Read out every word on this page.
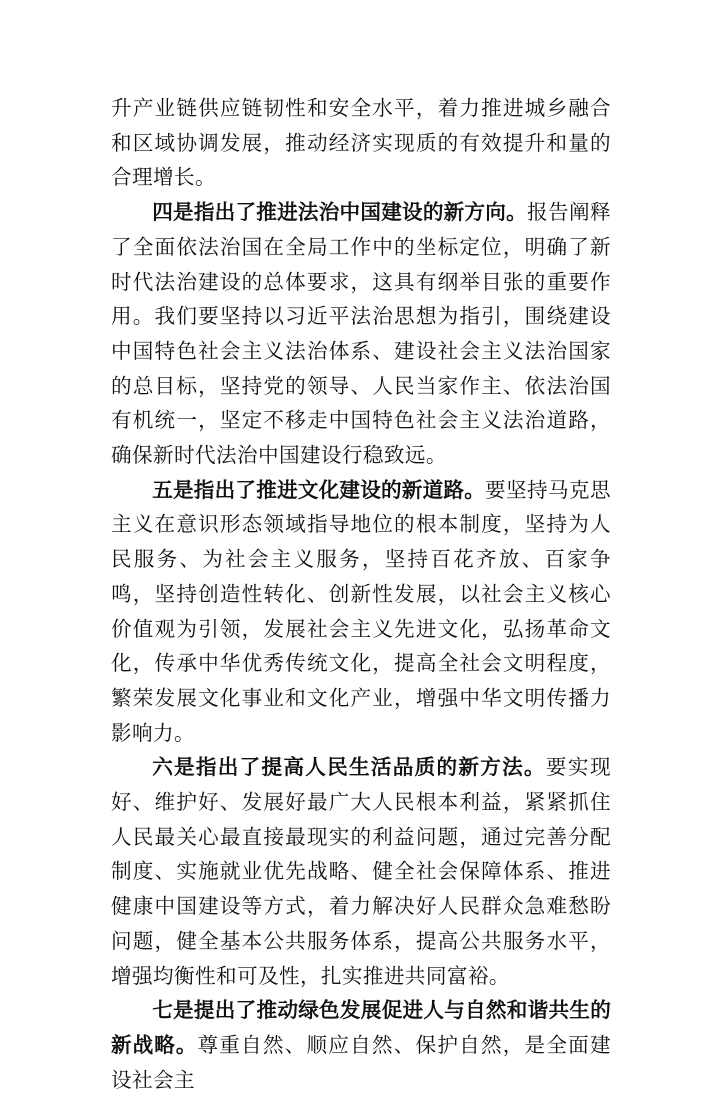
升产业链供应链韧性和安全水平，着力推进城乡融合和区域协调发展，推动经济实现质的有效提升和量的合理增长。

四是指出了推进法治中国建设的新方向。报告阐释了全面依法治国在全局工作中的坐标定位，明确了新时代法治建设的总体要求，这具有纲举目张的重要作用。我们要坚持以习近平法治思想为指引，围绕建设中国特色社会主义法治体系、建设社会主义法治国家的总目标，坚持党的领导、人民当家作主、依法治国有机统一，坚定不移走中国特色社会主义法治道路，确保新时代法治中国建设行稳致远。

五是指出了推进文化建设的新道路。要坚持马克思主义在意识形态领域指导地位的根本制度，坚持为人民服务、为社会主义服务，坚持百花齐放、百家争鸣，坚持创造性转化、创新性发展，以社会主义核心价值观为引领，发展社会主义先进文化，弘扬革命文化，传承中华优秀传统文化，提高全社会文明程度，繁荣发展文化事业和文化产业，增强中华文明传播力影响力。

六是指出了提高人民生活品质的新方法。要实现好、维护好、发展好最广大人民根本利益，紧紧抓住人民最关心最直接最现实的利益问题，通过完善分配制度、实施就业优先战略、健全社会保障体系、推进健康中国建设等方式，着力解决好人民群众急难愁盼问题，健全基本公共服务体系，提高公共服务水平，增强均衡性和可及性，扎实推进共同富裕。

七是提出了推动绿色发展促进人与自然和谐共生的新战略。尊重自然、顺应自然、保护自然，是全面建设社会主
